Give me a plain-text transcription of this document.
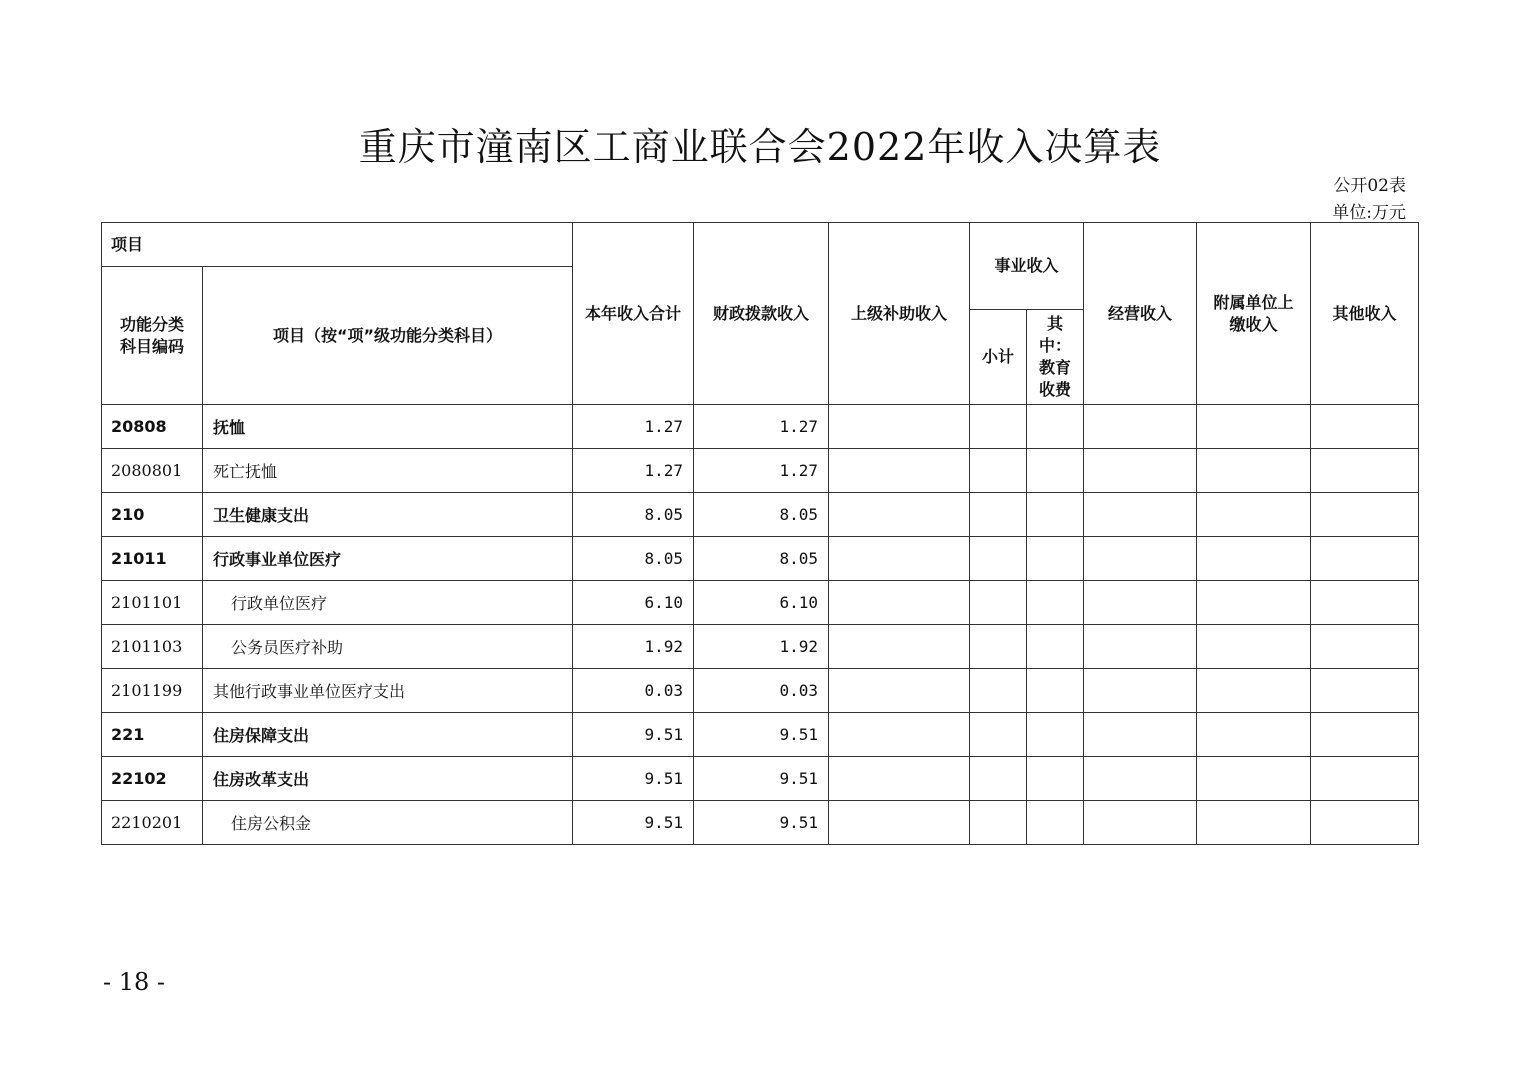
重庆市潼南区工商业联合会2022年收入决算表
公开02表
单位:万元
项目		本年收入合计	财政拨款收入	上级补助收入	事业收入		经营收入	附属单位上缴收入	其他收入
功能分类科目编码	项目（按“项”级功能分类科目）								
					小计	其中：教育收费			
20808	抚恤	1.27	1.27						
2080801	死亡抚恤	1.27	1.27						
210	卫生健康支出	8.05	8.05						
21011	行政事业单位医疗	8.05	8.05						
2101101	行政单位医疗	6.10	6.10						
2101103	公务员医疗补助	1.92	1.92						
2101199	其他行政事业单位医疗支出	0.03	0.03						
221	住房保障支出	9.51	9.51						
22102	住房改革支出	9.51	9.51						
2210201	住房公积金	9.51	9.51						
- 18 -
